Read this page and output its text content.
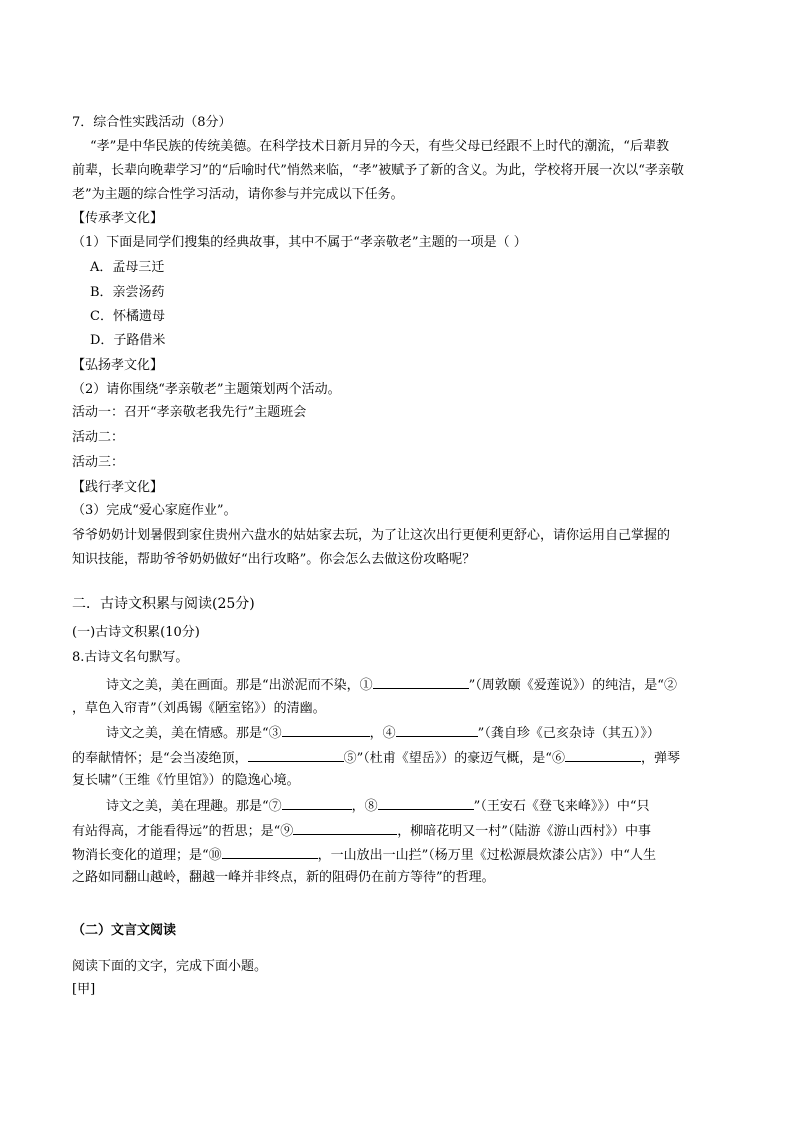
7．综合性实践活动（8分）
“孝”是中华民族的传统美德。在科学技术日新月异的今天，有些父母已经跟不上时代的潮流，“后辈教
前辈，长辈向晚辈学习”的“后喻时代”悄然来临，“孝”被赋予了新的含义。为此，学校将开展一次以“孝亲敬
老”为主题的综合性学习活动，请你参与并完成以下任务。
【传承孝文化】
（1）下面是同学们搜集的经典故事，其中不属于“孝亲敬老”主题的一项是（ ）
A．孟母三迁
B．亲尝汤药
C．怀橘遗母
D．子路借米
【弘扬孝文化】
（2）请你围绕“孝亲敬老”主题策划两个活动。
活动一：召开“孝亲敬老我先行”主题班会
活动二：
活动三：
【践行孝文化】
（3）完成“爱心家庭作业”。
爷爷奶奶计划暑假到家住贵州六盘水的姑姑家去玩，为了让这次出行更便利更舒心，请你运用自己掌握的
知识技能，帮助爷爷奶奶做好“出行攻略”。你会怎么去做这份攻略呢？
二．古诗文积累与阅读(25分)
(一)古诗文积累(10分)
8.古诗文名句默写。
诗文之美，美在画面。那是“出淤泥而不染，①	”（周敦颐《爱莲说》）的纯洁，是“②
，草色入帘青”（刘禹锡《陋室铭》）的清幽。
诗文之美，美在情感。那是“③	，④	”（龚自珍《己亥杂诗（其五）》）
的奉献情怀；是“会当凌绝顶，	⑤”（杜甫《望岳》）的豪迈气概，是“⑥	，弹琴
复长啸”（王维《竹里馆》）的隐逸心境。
诗文之美，美在理趣。那是“⑦	，⑧	”（王安石《登飞来峰》》）中“只
有站得高，才能看得远”的哲思；是“⑨	，柳暗花明又一村”（陆游《游山西村》）中事
物消长变化的道理；是“⑩	，一山放出一山拦”（杨万里《过松源晨炊漆公店》）中“人生
之路如同翻山越岭，翻越一峰并非终点，新的阻碍仍在前方等待”的哲理。
（二）文言文阅读
阅读下面的文字，完成下面小题。
[甲]
